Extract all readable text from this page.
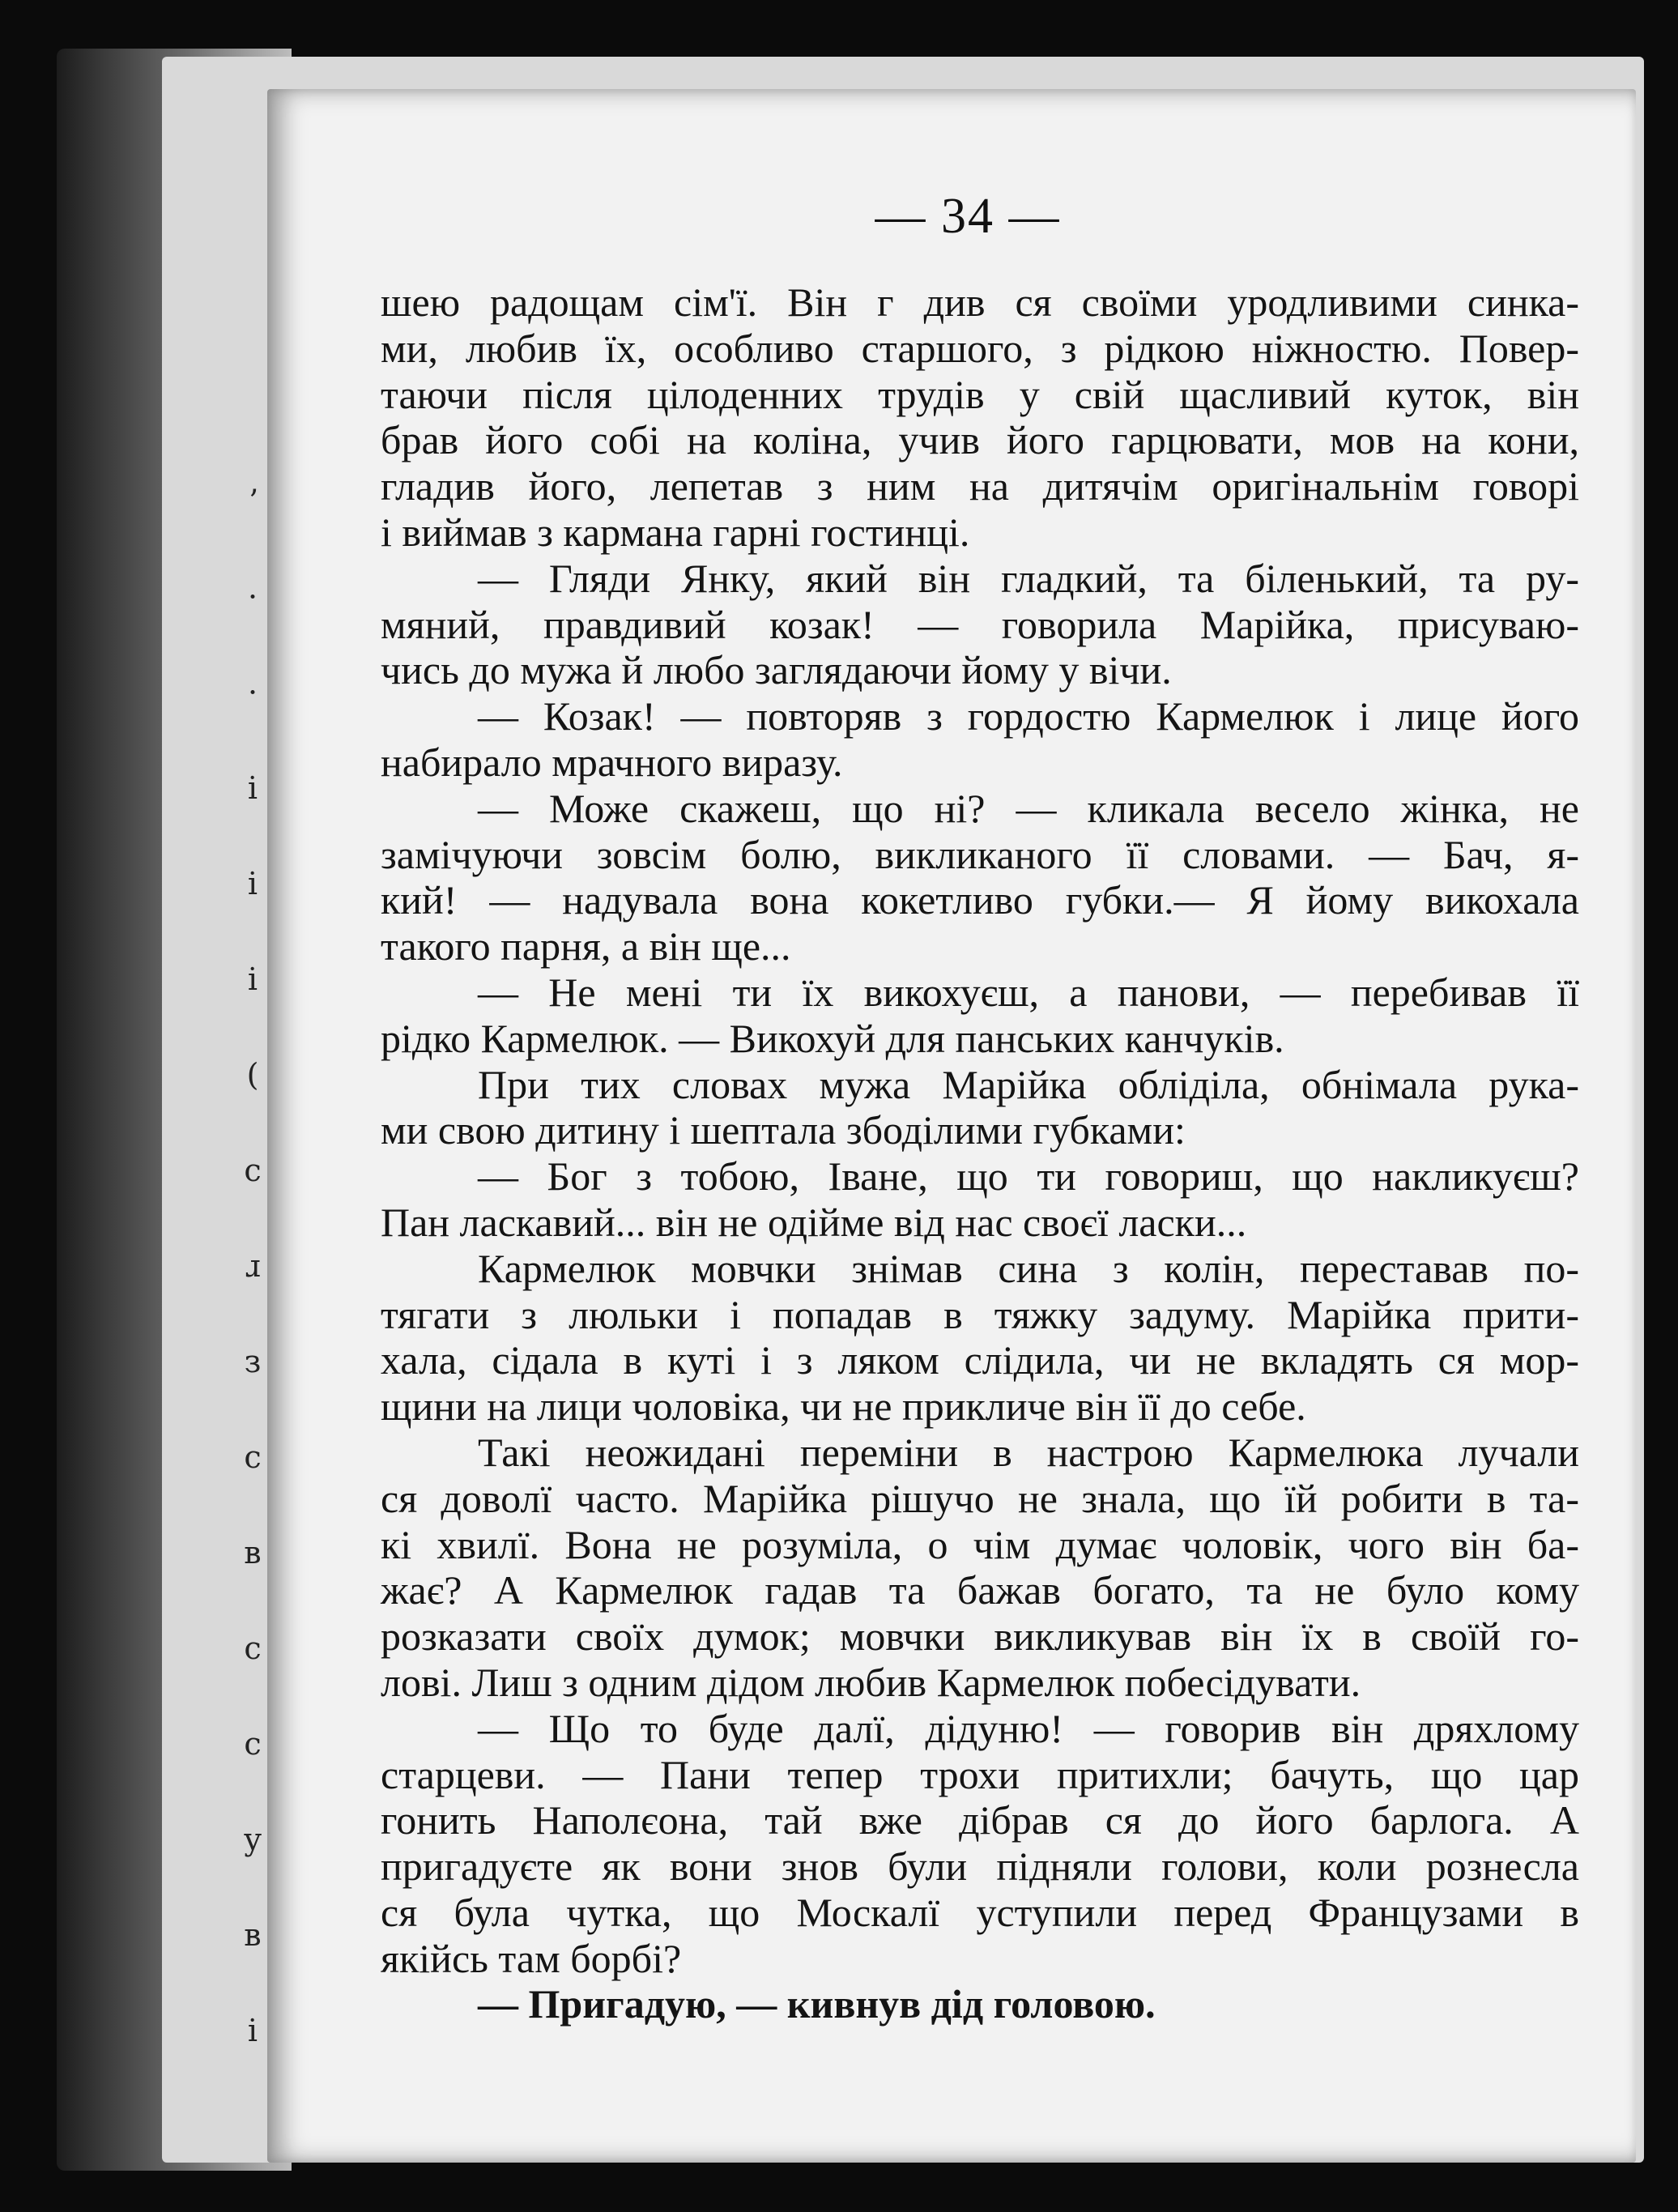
ʼ
·
·
і
і
і
(
с
ɹ
з
с
в
с
с
у
в
і
— 34 —
шею радощам сім'ї. Він г див ся своїми уродливими синка-
ми, любив їх, особливо старшого, з рідкою ніжностю. Повер-
таючи після цілоденних трудів у свій щасливий куток, він
брав його собі на коліна, учив його гарцювати, мов на кони,
гладив його, лепетав з ним на дитячім оригінальнім говорі
і виймав з кармана гарні гостинці.
— Гляди Янку, який він гладкий, та біленький, та ру-
мяний, правдивий козак! — говорила Марійка, присуваю-
чись до мужа й любо заглядаючи йому у вічи.
— Козак! — повторяв з гордостю Кармелюк і лице його
набирало мрачного виразу.
— Може скажеш, що ні? — кликала весело жінка, не
замічуючи зовсім болю, викликаного її словами. — Бач, я-
кий! — надувала вона кокетливо губки.— Я йому викохала
такого парня, а він ще...
— Не мені ти їх викохуєш, а панови, — перебивав її
рідко Кармелюк. — Викохуй для панських канчуків.
При тих словах мужа Марійка обліділа, обнімала рука-
ми свою дитину і шептала збоділими губками:
— Бог з тобою, Іване, що ти говориш, що накликуєш?
Пан ласкавий... він не одійме від нас своєї ласки...
Кармелюк мовчки знімав сина з колін, переставав по-
тягати з люльки і попадав в тяжку задуму. Марійка прити-
хала, сідала в куті і з ляком слідила, чи не вкладять ся мор-
щини на лици чоловіка, чи не прикличе він її до себе.
Такі неожидані переміни в настрою Кармелюка лучали
ся доволї часто. Марійка рішучо не знала, що їй робити в та-
кі хвилї. Вона не розуміла, о чім думає чоловік, чого він ба-
жає? А Кармелюк гадав та бажав богато, та не було кому
розказати своїх думок; мовчки викликував він їх в своїй го-
лові. Лиш з одним дідом любив Кармелюк побесідувати.
— Що то буде далї, дідуню! — говорив він дряхлому
старцеви. — Пани тепер трохи притихли; бачуть, що цар
гонить Наполєона, тай вже дібрав ся до його барлога. А
пригадуєте як вони знов були підняли голови, коли рознесла
ся була чутка, що Москалї уступили перед Французами в
якійсь там борбі?
— Пригадую, — кивнув дід головою.
